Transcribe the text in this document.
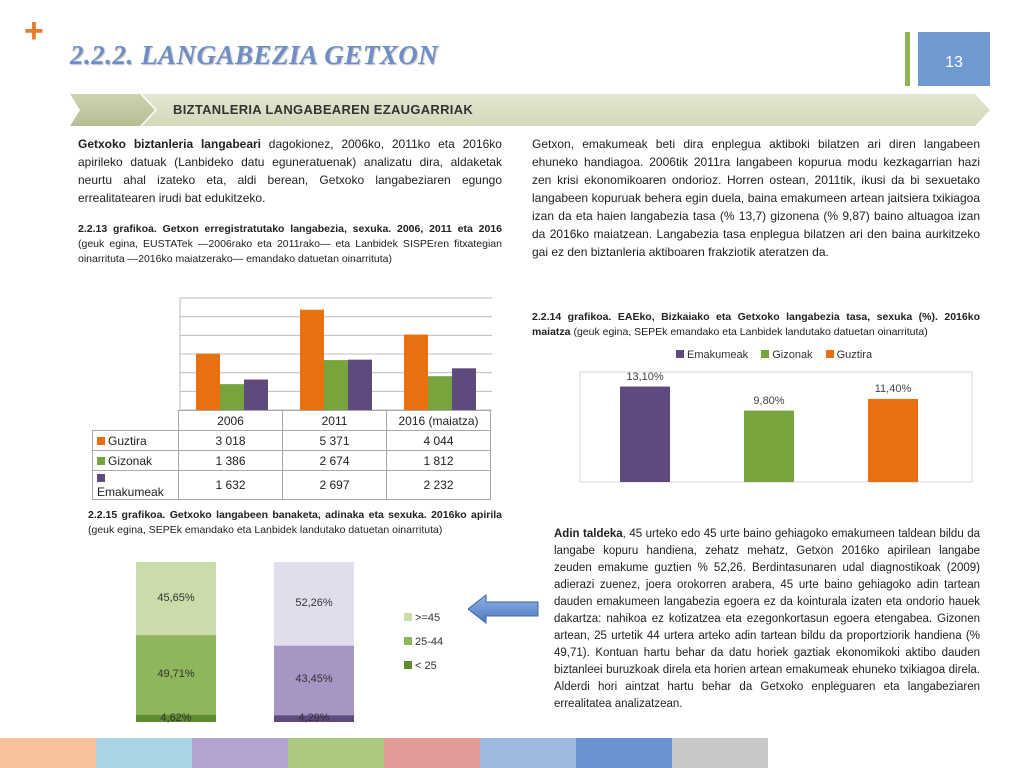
+
2.2.2. LANGABEZIA GETXON	13
BIZTANLERIA LANGABEAREN EZAUGARRIAK
Getxoko biztanleria langabeari dagokionez, 2006ko, 2011ko eta 2016ko apirileko datuak (Lanbideko datu eguneratuenak) analizatu dira, aldaketak neurtu ahal izateko eta, aldi berean, Getxoko langabeziaren egungo errealitatearen irudi bat edukitzeko.
2.2.13 grafikoa. Getxon erregistratutako langabezia, sexuka. 2006, 2011 eta 2016 (geuk egina, EUSTATek —2006rako eta 2011rako— eta Lanbidek SISPEren fitxategian oinarrituta —2016ko maiatzerako— emandako datuetan oinarrituta)
Getxon, emakumeak beti dira enplegua aktiboki bilatzen ari diren langabeen ehuneko handiagoa. 2006tik 2011ra langabeen kopurua modu kezkagarrian hazi zen krisi ekonomikoaren ondorioz. Horren ostean, 2011tik, ikusi da bi sexuetako langabeen kopuruak behera egin duela, baina emakumeen artean jaitsiera txikiagoa izan da eta haien langabezia tasa (% 13,7) gizonena (% 9,87) baino altuagoa izan da 2016ko maiatzean. Langabezia tasa enplegua bilatzen ari den baina aurkitzeko gai ez den biztanleria aktiboaren frakziotik ateratzen da.
2.2.14 grafikoa. EAEko, Bizkaiako eta Getxoko langabezia tasa, sexuka (%). 2016ko maiatza (geuk egina, SEPEk emandako eta Lanbidek landutako datuetan oinarrituta)
	2006	2011	2016 (maiatza)
Guztira	3 018	5 371	4 044
Gizonak	1 386	2 674	1 812
Emakumeak	1 632	2 697	2 232
Emakumeak Gizonak Guztira
13,10%
9,80%
11,40%
2.2.15 grafikoa. Getxoko langabeen banaketa, adinaka eta sexuka. 2016ko apirila (geuk egina, SEPEk emandako eta Lanbidek landutako datuetan oinarrituta)
4,62%
49,71%
45,65%
4,29%
43,45%
52,26%
>=45
25-44
< 25
Adin taldeka, 45 urteko edo 45 urte baino gehiagoko emakumeen taldean bildu da langabe kopuru handiena, zehatz mehatz, Getxon 2016ko apirilean langabe zeuden emakume guztien % 52,26. Berdintasunaren udal diagnostikoak (2009) adierazi zuenez, joera orokorren arabera, 45 urte baino gehiagoko adin tartean dauden emakumeen langabezia egoera ez da kointurala izaten eta ondorio hauek dakartza: nahikoa ez kotizatzea eta ezegonkortasun egoera etengabea. Gizonen artean, 25 urtetik 44 urtera arteko adin tartean bildu da proportziorik handiena (% 49,71). Kontuan hartu behar da datu horiek gaztiak ekonomikoki aktibo dauden biztanleei buruzkoak direla eta horien artean emakumeak ehuneko txikiagoa direla. Alderdi hori aintzat hartu behar da Getxoko enpleguaren eta langabeziaren errealitatea analizatzean.
